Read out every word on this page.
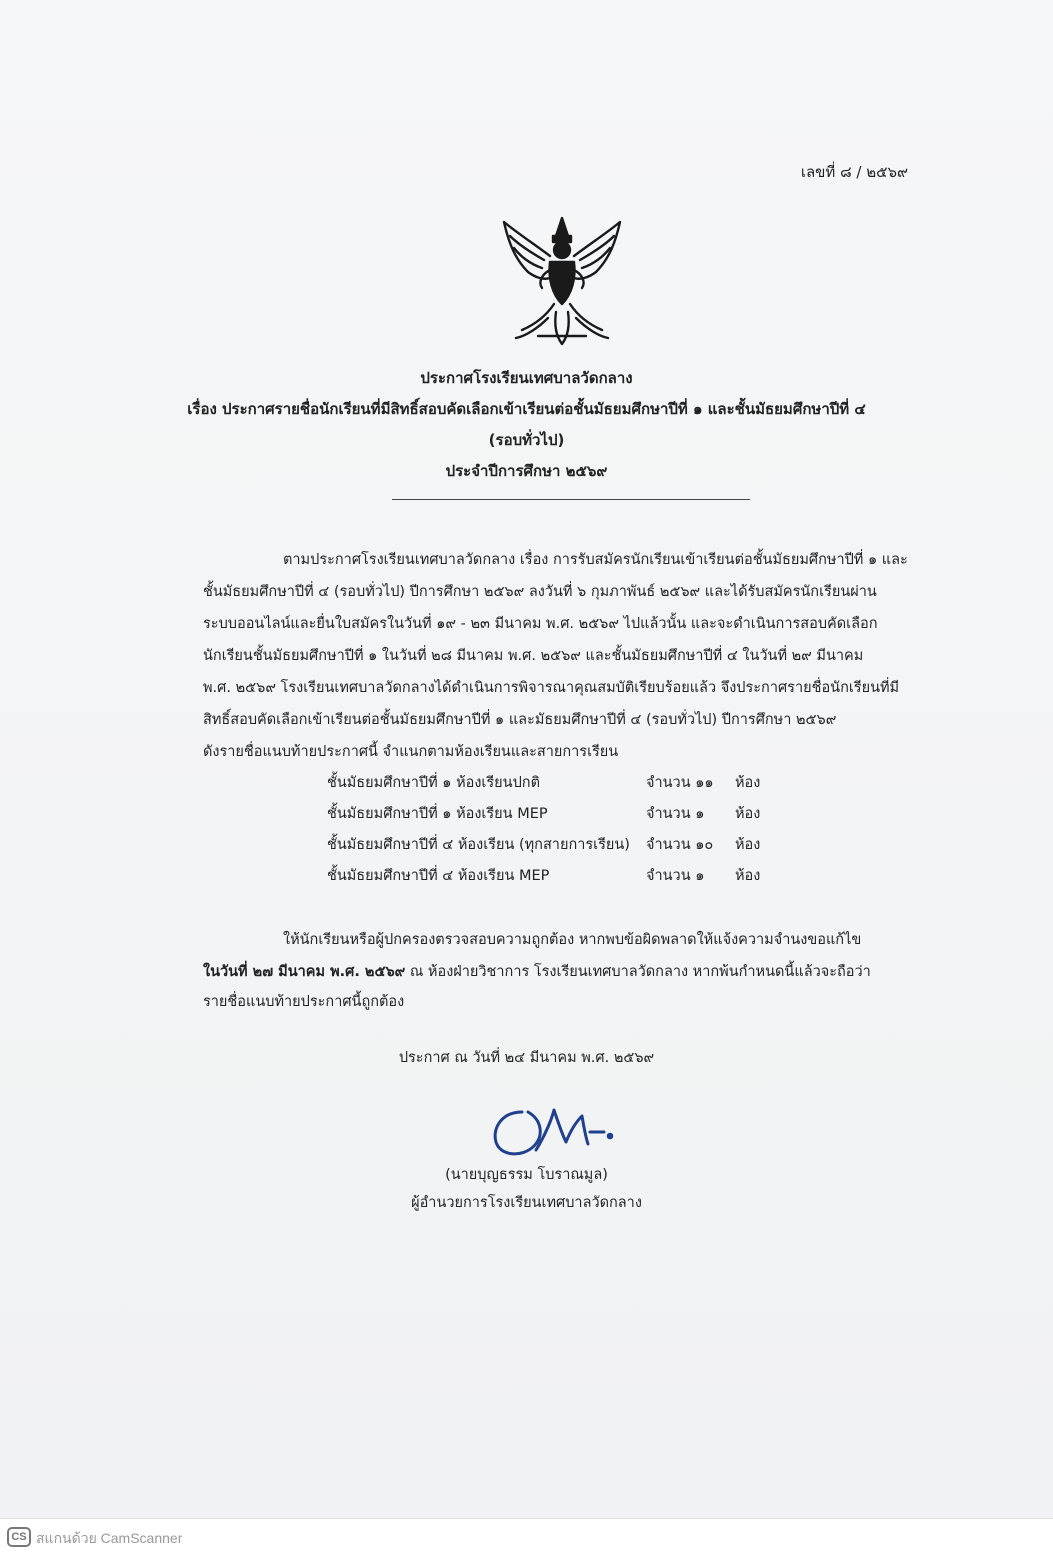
เลขที่ ๘ / ๒๕๖๙
ประกาศโรงเรียนเทศบาลวัดกลาง
เรื่อง ประกาศรายชื่อนักเรียนที่มีสิทธิ์สอบคัดเลือกเข้าเรียนต่อชั้นมัธยมศึกษาปีที่ ๑ และชั้นมัธยมศึกษาปีที่ ๔
(รอบทั่วไป)
ประจำปีการศึกษา ๒๕๖๙
ตามประกาศโรงเรียนเทศบาลวัดกลาง เรื่อง การรับสมัครนักเรียนเข้าเรียนต่อชั้นมัธยมศึกษาปีที่ ๑ และ
ชั้นมัธยมศึกษาปีที่ ๔ (รอบทั่วไป) ปีการศึกษา ๒๕๖๙ ลงวันที่ ๖ กุมภาพันธ์ ๒๕๖๙ และได้รับสมัครนักเรียนผ่าน
ระบบออนไลน์และยื่นใบสมัครในวันที่ ๑๙ - ๒๓ มีนาคม พ.ศ. ๒๕๖๙ ไปแล้วนั้น และจะดำเนินการสอบคัดเลือก
นักเรียนชั้นมัธยมศึกษาปีที่ ๑ ในวันที่ ๒๘ มีนาคม พ.ศ. ๒๕๖๙ และชั้นมัธยมศึกษาปีที่ ๔ ในวันที่ ๒๙ มีนาคม
พ.ศ. ๒๕๖๙ โรงเรียนเทศบาลวัดกลางได้ดำเนินการพิจารณาคุณสมบัติเรียบร้อยแล้ว จึงประกาศรายชื่อนักเรียนที่มี
สิทธิ์สอบคัดเลือกเข้าเรียนต่อชั้นมัธยมศึกษาปีที่ ๑ และมัธยมศึกษาปีที่ ๔ (รอบทั่วไป) ปีการศึกษา ๒๕๖๙
ดังรายชื่อแนบท้ายประกาศนี้ จำแนกตามห้องเรียนและสายการเรียน
ชั้นมัธยมศึกษาปีที่ ๑ ห้องเรียนปกติ	จำนวน ๑๑ ห้อง
ชั้นมัธยมศึกษาปีที่ ๑ ห้องเรียน MEP	จำนวน ๑ ห้อง
ชั้นมัธยมศึกษาปีที่ ๔ ห้องเรียน (ทุกสายการเรียน) จำนวน ๑๐ ห้อง
ชั้นมัธยมศึกษาปีที่ ๔ ห้องเรียน MEP	จำนวน ๑ ห้อง
ให้นักเรียนหรือผู้ปกครองตรวจสอบความถูกต้อง หากพบข้อผิดพลาดให้แจ้งความจำนงขอแก้ไข
ในวันที่ ๒๗ มีนาคม พ.ศ. ๒๕๖๙ ณ ห้องฝ่ายวิชาการ โรงเรียนเทศบาลวัดกลาง หากพ้นกำหนดนี้แล้วจะถือว่า
รายชื่อแนบท้ายประกาศนี้ถูกต้อง
ประกาศ ณ วันที่ ๒๔ มีนาคม พ.ศ. ๒๕๖๙
(นายบุญธรรม โบราณมูล)
ผู้อำนวยการโรงเรียนเทศบาลวัดกลาง
CS สแกนด้วย CamScanner
